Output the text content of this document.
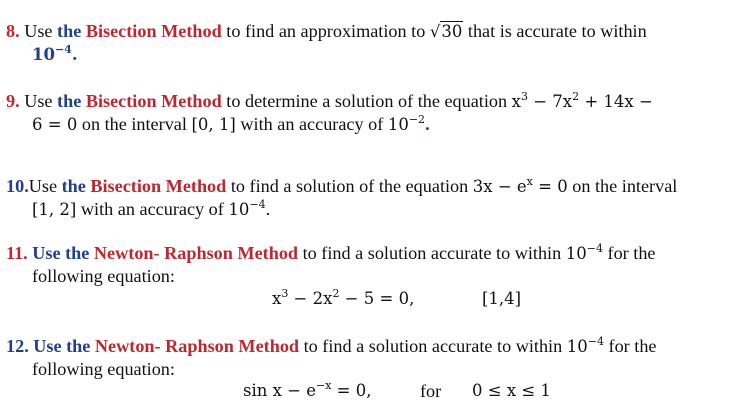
8. Use the Bisection Method to find an approximation to √30 that is accurate to within
$10^{-4}$.
9. Use the Bisection Method to determine a solution of the equation $x^3 - 7x^2 + 14x$ −
6 = 0 on the interval [0, 1] with an accuracy of $10^{-2}$.
10.Use the Bisection Method to find a solution of the equation $3x - e^x = 0$ on the interval
[1, 2] with an accuracy of $10^{-4}$.
11. Use the Newton- Raphson Method to find a solution accurate to within $10^{-4}$ for the
following equation:
$x^3 - 2x^2 - 5 = 0$,	[1,4]
12. Use the Newton- Raphson Method to find a solution accurate to within $10^{-4}$ for the
following equation:
$\sin x - e^{-x} = 0$,	for 0 ≤ x ≤ 1
